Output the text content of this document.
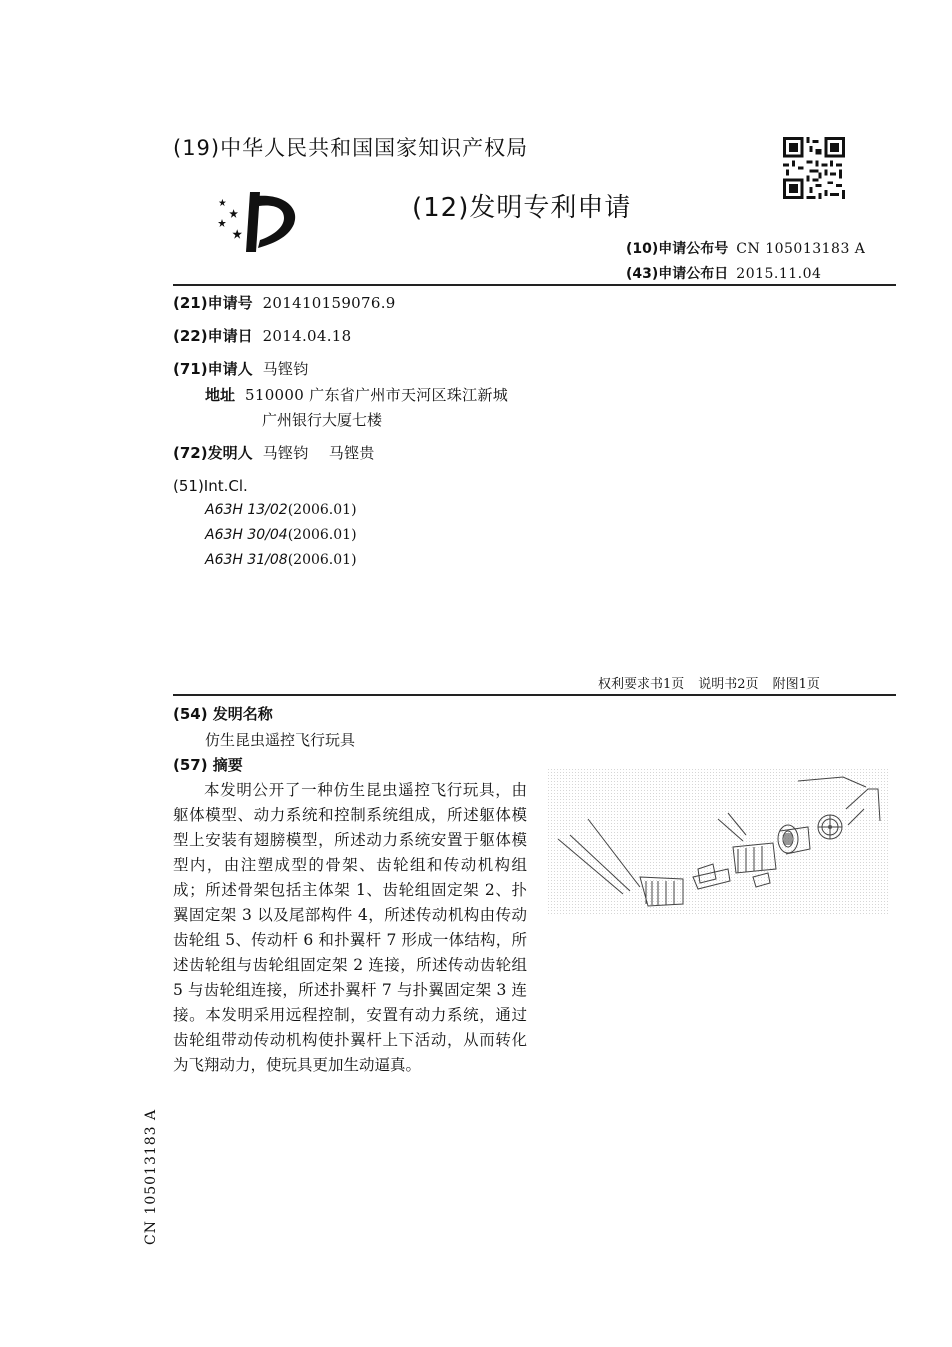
(19)中华人民共和国国家知识产权局
(12)发明专利申请
(10)申请公布号 CN 105013183 A
(43)申请公布日 2015.11.04
(21)申请号 201410159076.9
(22)申请日 2014.04.18
(71)申请人 马铿钧
地址 510000 广东省广州市天河区珠江新城
广州银行大厦七楼
(72)发明人 马铿钧    马铿贵
(51)Int.Cl.
A63H 13/02(2006.01)
A63H 30/04(2006.01)
A63H 31/08(2006.01)
权利要求书1页 说明书2页 附图1页
(54) 发明名称
仿生昆虫遥控飞行玩具
(57) 摘要
本发明公开了一种仿生昆虫遥控飞行玩具，由躯体模型、动力系统和控制系统组成，所述躯体模型上安装有翅膀模型，所述动力系统安置于躯体模型内，由注塑成型的骨架、齿轮组和传动机构组成；所述骨架包括主体架 1、齿轮组固定架 2、扑翼固定架 3 以及尾部构件 4，所述传动机构由传动齿轮组 5、传动杆 6 和扑翼杆 7 形成一体结构，所述齿轮组与齿轮组固定架 2 连接，所述传动齿轮组 5 与齿轮组连接，所述扑翼杆 7 与扑翼固定架 3 连接。本发明采用远程控制，安置有动力系统，通过齿轮组带动传动机构使扑翼杆上下活动，从而转化为飞翔动力，使玩具更加生动逼真。
CN 105013183 A
